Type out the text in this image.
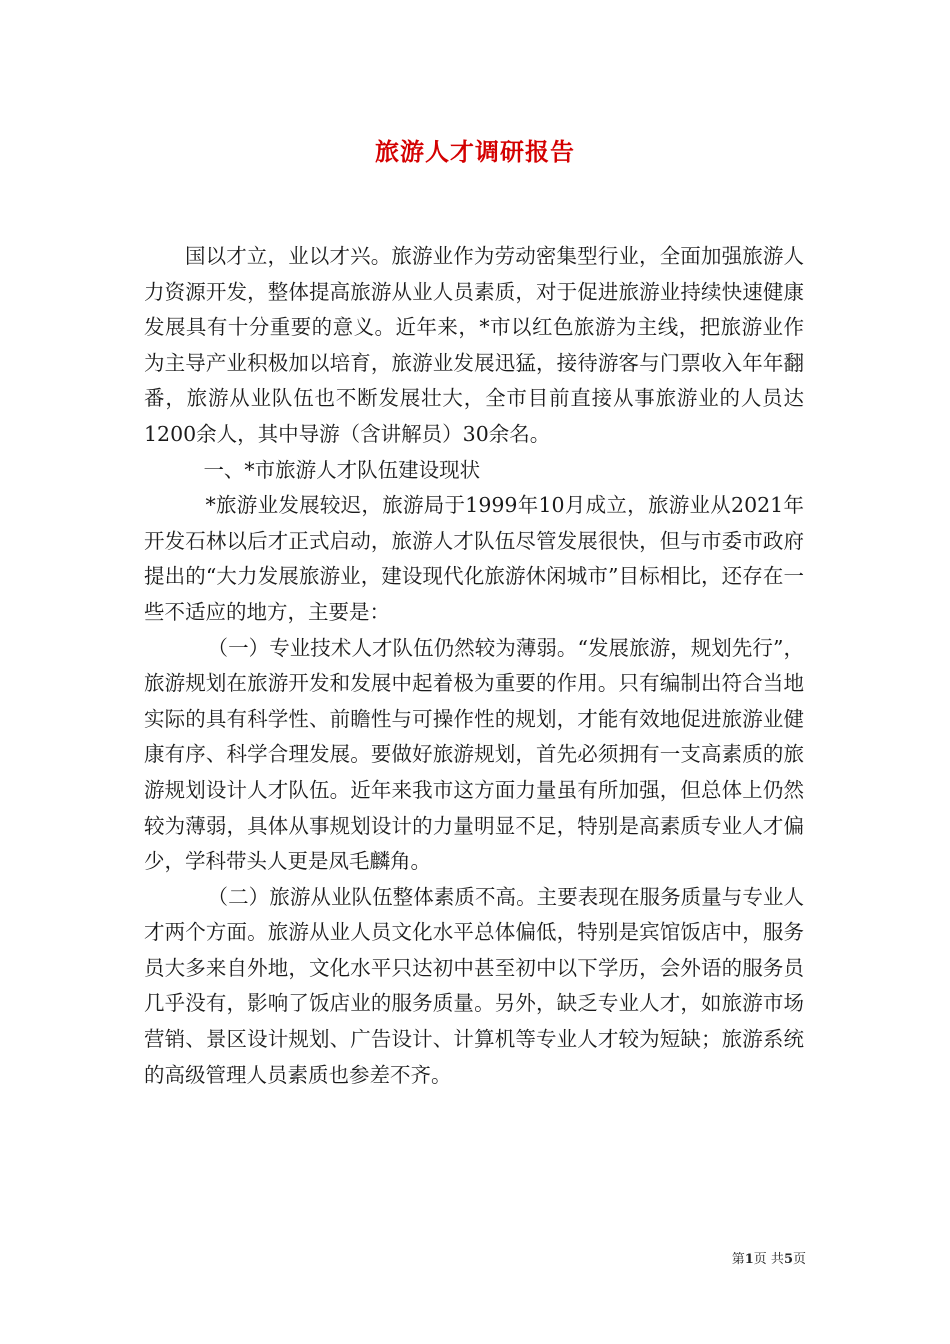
旅游人才调研报告

国以才立，业以才兴。旅游业作为劳动密集型行业，全面加强旅游人力资源开发，整体提高旅游从业人员素质，对于促进旅游业持续快速健康发展具有十分重要的意义。近年来，*市以红色旅游为主线，把旅游业作为主导产业积极加以培育，旅游业发展迅猛，接待游客与门票收入年年翻番，旅游从业队伍也不断发展壮大，全市目前直接从事旅游业的人员达1200余人，其中导游（含讲解员）30余名。

一、*市旅游人才队伍建设现状

*旅游业发展较迟，旅游局于1999年10月成立，旅游业从2021年开发石林以后才正式启动，旅游人才队伍尽管发展很快，但与市委市政府提出的“大力发展旅游业，建设现代化旅游休闲城市”目标相比，还存在一些不适应的地方，主要是：

（一）专业技术人才队伍仍然较为薄弱。“发展旅游，规划先行”，旅游规划在旅游开发和发展中起着极为重要的作用。只有编制出符合当地实际的具有科学性、前瞻性与可操作性的规划，才能有效地促进旅游业健康有序、科学合理发展。要做好旅游规划，首先必须拥有一支高素质的旅游规划设计人才队伍。近年来我市这方面力量虽有所加强，但总体上仍然较为薄弱，具体从事规划设计的力量明显不足，特别是高素质专业人才偏少，学科带头人更是凤毛麟角。

（二）旅游从业队伍整体素质不高。主要表现在服务质量与专业人才两个方面。旅游从业人员文化水平总体偏低，特别是宾馆饭店中，服务员大多来自外地，文化水平只达初中甚至初中以下学历，会外语的服务员几乎没有，影响了饭店业的服务质量。另外，缺乏专业人才，如旅游市场营销、景区设计规划、广告设计、计算机等专业人才较为短缺；旅游系统的高级管理人员素质也参差不齐。

第1页 共5页
